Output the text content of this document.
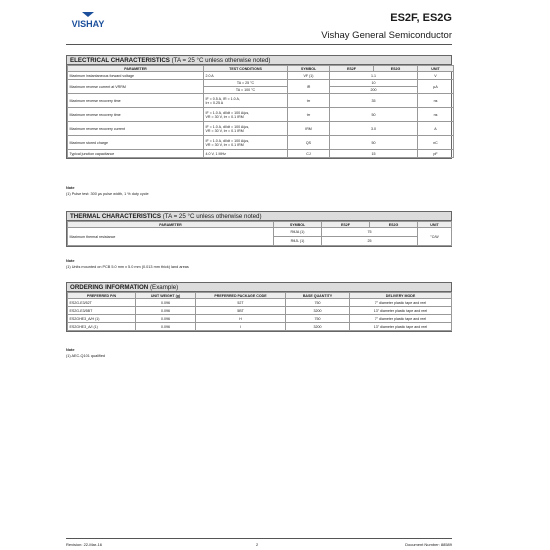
VISHAY	ES2F, ES2G
Vishay General Semiconductor
ELECTRICAL CHARACTERISTICS (TA = 25 °C unless otherwise noted)
PARAMETER	TEST CONDITIONS	SYMBOL	ES2F	ES2G	UNIT
Maximum instantaneous forward voltage	2.0 A	VF (1)	1.1		V
Maximum reverse current at VRRM	TA = 25 °C	IR	10		µA
	TA = 100 °C		200		
Maximum reverse recovery time	IF = 0.5 A, IR = 1.0 A,
Irr = 0.25 A	trr	35		ns
Maximum reverse recovery time	IF = 1.0 A, dI/dt = 100 A/µs,
VR = 30 V, Irr = 0.1 IRM	trr	50		ns
Maximum reverse recovery current	IF = 1.0 A, dI/dt = 100 A/µs,
VR = 30 V, Irr = 0.1 IRM	IRM	3.0		A
Maximum stored charge	IF = 1.0 A, dI/dt = 100 A/µs,
VR = 30 V, Irr = 0.1 IRM	QS	50		nC
Typical junction capacitance	4.0 V, 1 MHz	CJ	15		pF
Note
(1) Pulse test: 300 µs pulse width, 1 % duty cycle
THERMAL CHARACTERISTICS (TA = 25 °C unless otherwise noted)
PARAMETER	SYMBOL	ES2F	ES2G	UNIT
Maximum thermal resistance	RθJA (1)	75		°C/W
	RθJL (1)	25		
Note
(1) Units mounted on PCB 5.0 mm x 5.0 mm (0.013 mm thick) land areas
ORDERING INFORMATION (Example)
PREFERRED P/N	UNIT WEIGHT (g)	PREFERRED PACKAGE CODE	BASE QUANTITY	DELIVERY MODE
ES2G-E3/52T	0.096	52T	750	7" diameter plastic tape and reel
ES2G-E3/5BT	0.096	5BT	3200	13" diameter plastic tape and reel
ES2GHE3_A/H (1)	0.096	H	750	7" diameter plastic tape and reel
ES2GHE3_A/I (1)	0.096	I	3200	13" diameter plastic tape and reel
Note
(1) AEC-Q101 qualified
Revision: 22-Mar-16	2	Document Number: 88589
